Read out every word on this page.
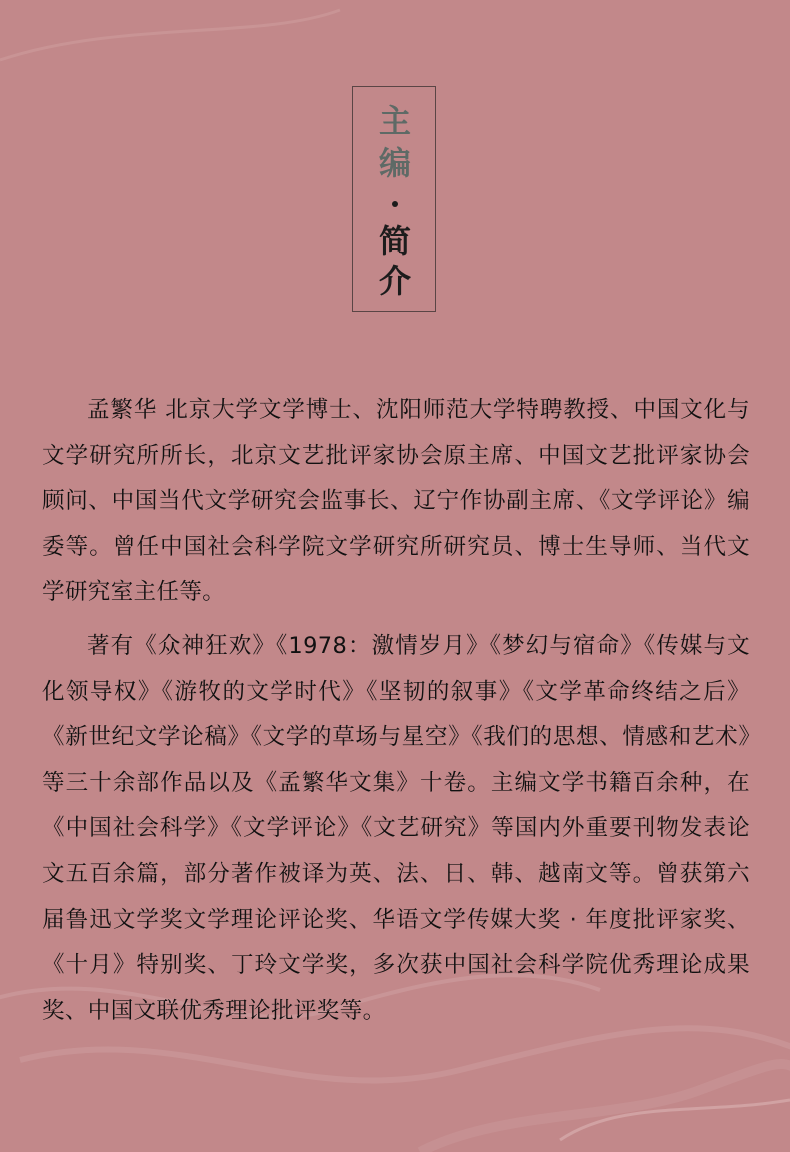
主
编
简
介

孟繁华 北京大学文学博士、沈阳师范大学特聘教授、中国文化与文学研究所所长，北京文艺批评家协会原主席、中国文艺批评家协会顾问、中国当代文学研究会监事长、辽宁作协副主席、《文学评论》编委等。曾任中国社会科学院文学研究所研究员、博士生导师、当代文学研究室主任等。

著有《众神狂欢》《1978：激情岁月》《梦幻与宿命》《传媒与文化领导权》《游牧的文学时代》《坚韧的叙事》《文学革命终结之后》《新世纪文学论稿》《文学的草场与星空》《我们的思想、情感和艺术》等三十余部作品以及《孟繁华文集》十卷。主编文学书籍百余种，在《中国社会科学》《文学评论》《文艺研究》等国内外重要刊物发表论文五百余篇，部分著作被译为英、法、日、韩、越南文等。曾获第六届鲁迅文学奖文学理论评论奖、华语文学传媒大奖 · 年度批评家奖、《十月》特别奖、丁玲文学奖，多次获中国社会科学院优秀理论成果奖、中国文联优秀理论批评奖等。
